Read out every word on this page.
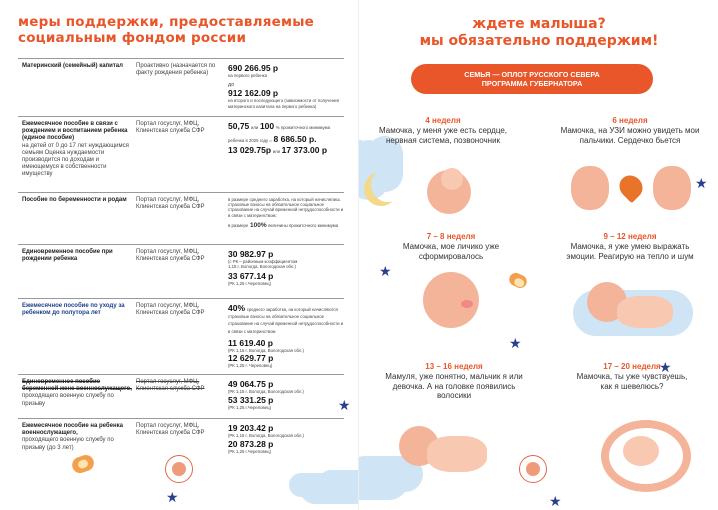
меры поддержки, предоставляемые
социальным фондом россии
Материнский (семейный) капитал	Проактивно (назначается по факту рождения ребенка)
690 266.95 р
на первого ребенка
до
912 162.09 р
на второго и последующего (зависимости от получения материнского капитала на первого ребенка)
Ежемесячное пособие в связи с рождением и воспитанием ребенка (единое пособие)
на детей от 0 до 17 лет нуждающимся семьям Оценка нуждаемости производится по доходам и имеющемуся в собственности имуществу
Портал госуслуг, МФЦ, Клиентская служба СФР
50,75 или 100 % прожиточного минимума
ребенка в 2025 году = 8 686.50 р.
13 029.75р или 17 373.00 р
Пособие по беременности и родам	Портал госуслуг, МФЦ, Клиентская служба СФР
в размере среднего заработка, на который начислялись страховые взносы на обязательное социальное страхование на случай временной нетрудоспособности и в связи с материнством;
в размере 100% величины прожиточного минимума
Единовременное пособие при рождении ребенка
Портал госуслуг, МФЦ, Клиентская служба СФР
30 982.97 р
(с РК – районным коэффициентом
1,15 г. Вологда, Вологодская обл.)
33 677.14 р
(РК 1,25 г.Череповец)
Ежемесячное пособие по уходу за ребенком до полутора лет
Портал госуслуг, МФЦ, Клиентская служба СФР
40% среднего заработка, на который начисляются страховые взносы на обязательное социальное страхование на случай временной нетрудоспособности и в связи с материнством
11 619.40 р
(РК 1,15 г. Вологда, Вологодская обл.)
12 629.77 р
(РК 1,25 г. Череповец)
Единовременное пособие беременной жене военнослужащего,
проходящего военную службу по призыву
Портал госуслуг, МФЦ, Клиентская служба СФР
49 064.75 р
(РК 1,15 г. Вологда, Вологодская обл.)
53 331.25 р
(РК 1,25 г.Череповец)
Ежемесячное пособие на ребенка военнослужащего,
проходящего военную службу по призыву (до 3 лет)
Портал госуслуг, МФЦ, Клиентская служба СФР
19 203.42 р
(РК 1,15 г. Вологда, Вологодская обл.)
20 873.28 р
(РК 1,25 г.Череповец)
★
★
ждете малыша?
мы обязательно поддержим!
СЕМЬЯ — ОПЛОТ РУССКОГО СЕВЕРА
ПРОГРАММА ГУБЕРНАТОРА
★
★
★
★
★
4 неделя
Мамочка, у меня уже есть сердце, нервная система, позвоночник
6 неделя
Мамочка, на УЗИ можно увидеть мои пальчики. Сердечко бьется
7 – 8 неделя
Мамочка, мое личико уже сформировалось
9 – 12 неделя
Мамочка, я уже умею выражать эмоции. Реагирую на тепло и шум
13 – 16 неделя
Мамуля, уже понятно, мальчик я или девочка. А на головке появились волосики
17 – 20 неделя
Мамочка, ты уже чувствуешь, как я шевелюсь?
